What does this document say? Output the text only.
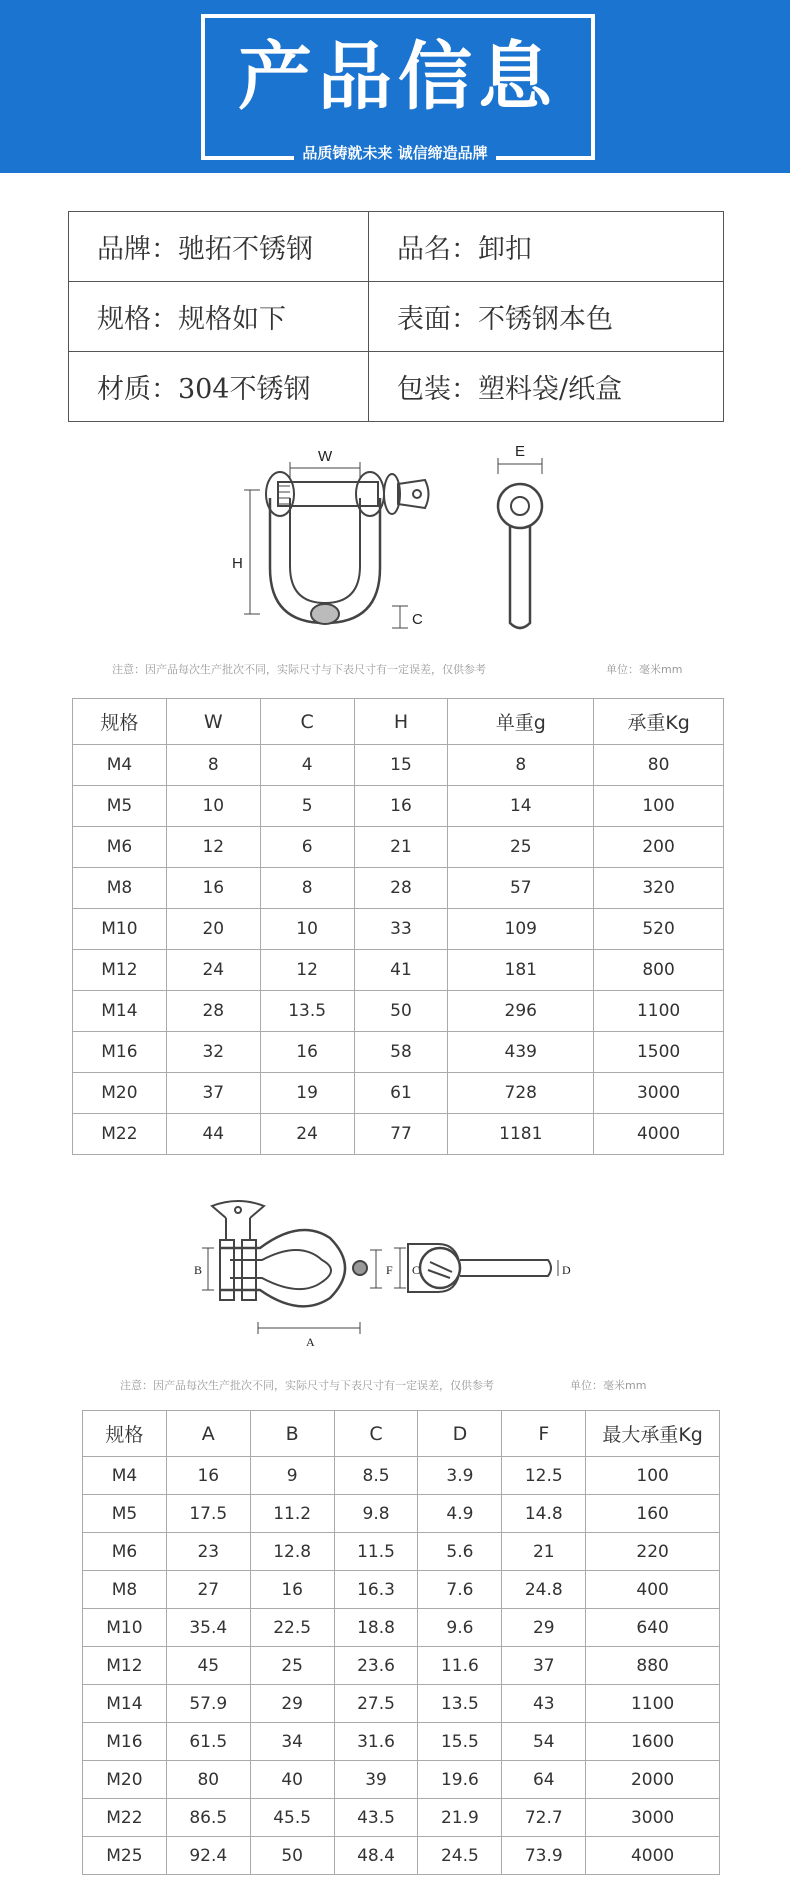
产品信息
品质铸就未来 诚信缔造品牌
品牌：驰拓不锈钢	品名：卸扣
规格：规格如下	表面：不锈钢本色
材质：304不锈钢	包装：塑料袋/纸盒
W
H
C
E
注意：因产品每次生产批次不同，实际尺寸与下表尺寸有一定误差，仅供参考	单位：毫米mm
规格	W	C	H	单重g	承重Kg
M4	8	4	15	8	80
M5	10	5	16	14	100
M6	12	6	21	25	200
M8	16	8	28	57	320
M10	20	10	33	109	520
M12	24	12	41	181	800
M14	28	13.5	50	296	1100
M16	32	16	58	439	1500
M20	37	19	61	728	3000
M22	44	24	77	1181	4000
B	F
A
C	D
注意：因产品每次生产批次不同，实际尺寸与下表尺寸有一定误差，仅供参考	单位：毫米mm
规格	A	B	C	D	F	最大承重Kg
M4	16	9	8.5	3.9	12.5	100
M5	17.5	11.2	9.8	4.9	14.8	160
M6	23	12.8	11.5	5.6	21	220
M8	27	16	16.3	7.6	24.8	400
M10	35.4	22.5	18.8	9.6	29	640
M12	45	25	23.6	11.6	37	880
M14	57.9	29	27.5	13.5	43	1100
M16	61.5	34	31.6	15.5	54	1600
M20	80	40	39	19.6	64	2000
M22	86.5	45.5	43.5	21.9	72.7	3000
M25	92.4	50	48.4	24.5	73.9	4000
